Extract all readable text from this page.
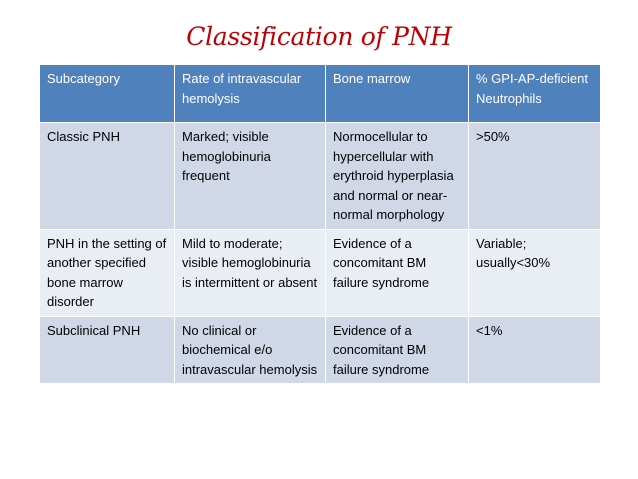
Classification of PNH
Subcategory	Rate of intravascular hemolysis	Bone marrow	% GPI-AP-deficient Neutrophils
Classic PNH	Marked; visible hemoglobinuria frequent	Normocellular to hypercellular with erythroid hyperplasia and normal or near-normal morphology	>50%
PNH in the setting of another specified bone marrow disorder	Mild to moderate; visible hemoglobinuria is intermittent or absent	Evidence of a concomitant BM failure syndrome	Variable; usually<30%
Subclinical PNH	No clinical or biochemical e/o intravascular hemolysis	Evidence of a concomitant BM failure syndrome	<1%
